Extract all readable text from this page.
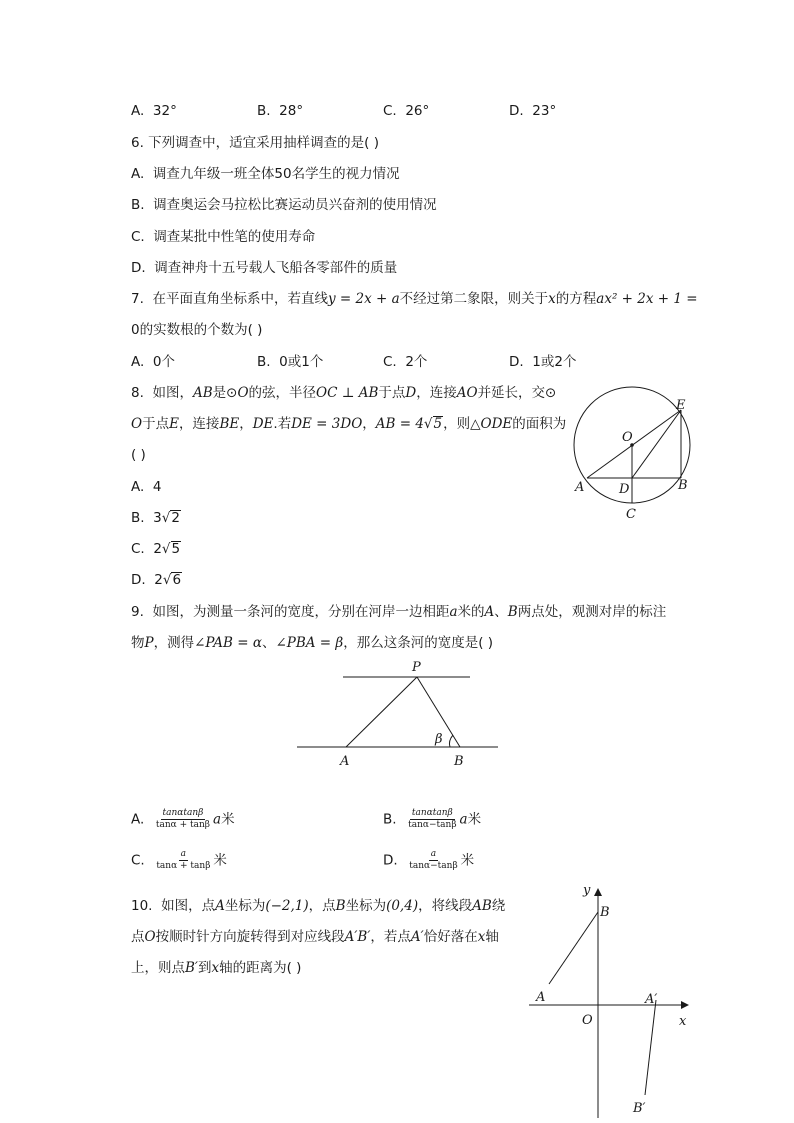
A. 32°	B. 28°	C. 26°	D. 23°
6. 下列调查中，适宜采用抽样调查的是( )
A. 调查九年级一班全体50名学生的视力情况
B. 调查奥运会马拉松比赛运动员兴奋剂的使用情况
C. 调查某批中性笔的使用寿命
D. 调查神舟十五号载人飞船各零部件的质量
7. 在平面直角坐标系中，若直线y = 2x + a不经过第二象限，则关于x的方程ax² + 2x + 1 =
0的实数根的个数为( )
A. 0个	B. 0或1个	C. 2个	D. 1或2个
8. 如图，AB是⊙O的弦，半径OC ⊥ AB于点D，连接AO并延长，交⊙
O于点E，连接BE，DE.若DE = 3DO，AB = 4√5，则△ODE的面积为
( )
A. 4
B. 3√2
C. 2√5
D. 2√6
E
O
A	D	B
C
9. 如图，为测量一条河的宽度，分别在河岸一边相距a米的A、B两点处，观测对岸的标注
物P，测得∠PAB = α、∠PBA = β，那么这条河的宽度是( )
P
A	B
β
A. $\frac{\tan\alpha\tan\beta}{\tan\alpha + \tan\beta}$ a米	B. $\frac{\tan\alpha\tan\beta}{\tan\alpha-\tan\beta}$ a米
C. $\frac{a}{\tan\alpha + \tan\beta}$ 米	D. $\frac{a}{\tan\alpha-\tan\beta}$ 米
10. 如图，点A坐标为(−2,1)，点B坐标为(0,4)，将线段AB绕
点O按顺时针方向旋转得到对应线段A′B′，若点A′恰好落在x轴
上，则点B′到x轴的距离为( )
y
B
A	A′
O	x
B′
